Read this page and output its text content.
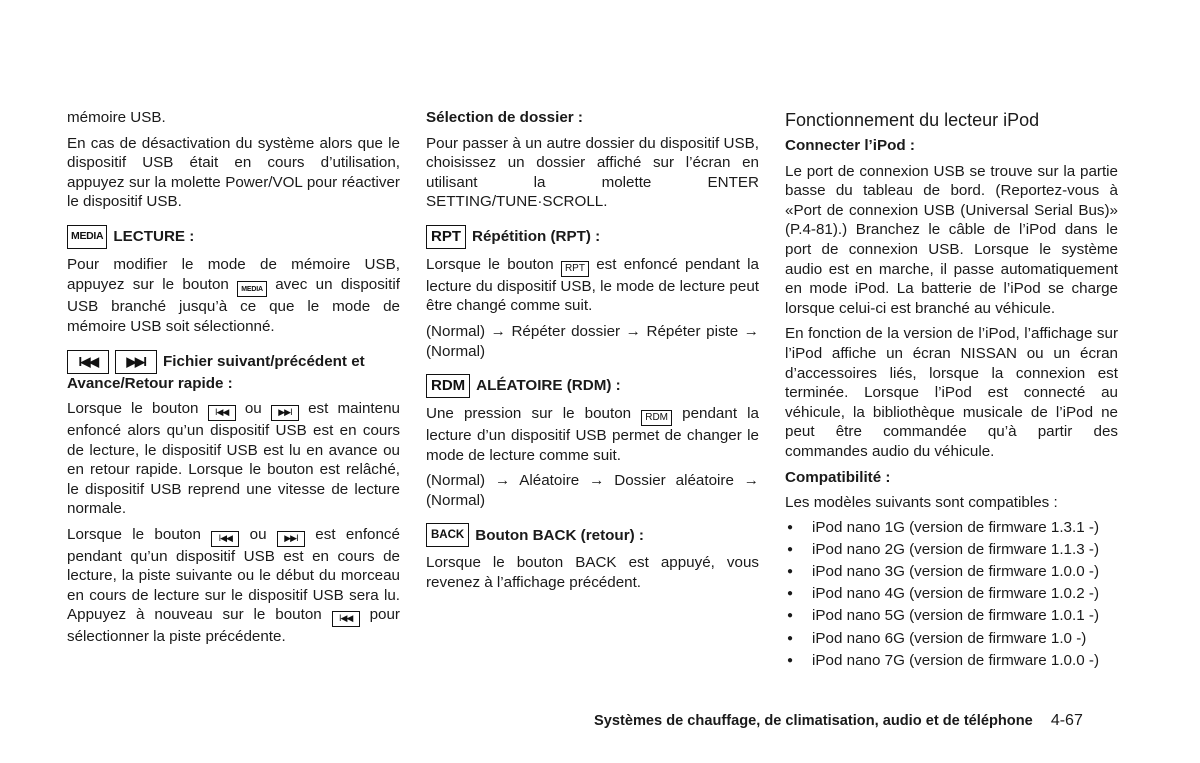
mémoire USB.

En cas de désactivation du système alors que le dispositif USB était en cours d’utilisation, appuyez sur la molette Power/VOL pour réactiver le dispositif USB.

MEDIA LECTURE :

Pour modifier le mode de mémoire USB, appuyez sur le bouton MEDIA avec un dispositif USB branché jusqu’à ce que le mode de mémoire USB soit sélectionné.

I◀◀	▶▶I	Fichier suivant/précédent et
Avance/Retour rapide :

Lorsque le bouton I◀◀ ou ▶▶I est maintenu enfoncé alors qu’un dispositif USB est en cours de lecture, le dispositif USB est lu en avance ou en retour rapide. Lorsque le bouton est relâché, le dispositif USB reprend une vitesse de lecture normale.

Lorsque le bouton I◀◀ ou ▶▶I est enfoncé pendant qu’un dispositif USB est en cours de lecture, la piste suivante ou le début du morceau en cours de lecture sur le dispositif USB sera lu. Appuyez à nouveau sur le bouton I◀◀ pour sélectionner la piste précédente.

Sélection de dossier :

Pour passer à un autre dossier du dispositif USB, choisissez un dossier affiché sur l’écran en utilisant la molette ENTER SETTING/TUNE·SCROLL.

RPT Répétition (RPT) :

Lorsque le bouton RPT est enfoncé pendant la lecture du dispositif USB, le mode de lecture peut être changé comme suit.

(Normal) → Répéter dossier → Répéter piste → (Normal)

RDM ALÉATOIRE (RDM) :

Une pression sur le bouton RDM pendant la lecture d’un dispositif USB permet de changer le mode de lecture comme suit.

(Normal) → Aléatoire → Dossier aléatoire → (Normal)

BACK Bouton BACK (retour) :

Lorsque le bouton BACK est appuyé, vous revenez à l’affichage précédent.

Fonctionnement du lecteur iPod
Connecter l’iPod :

Le port de connexion USB se trouve sur la partie basse du tableau de bord. (Reportez-vous à «Port de connexion USB (Universal Serial Bus)» (P.4-81).) Branchez le câble de l’iPod dans le port de connexion USB. Lorsque le système audio est en marche, il passe automatiquement en mode iPod. La batterie de l’iPod se charge lorsque celui-ci est branché au véhicule.

En fonction de la version de l’iPod, l’affichage sur l’iPod affiche un écran NISSAN ou un écran d’accessoires liés, lorsque la connexion est terminée. Lorsque l’iPod est connecté au véhicule, la bibliothèque musicale de l’iPod ne peut être commandée qu’à partir des commandes audio du véhicule.

Compatibilité :

Les modèles suivants sont compatibles :

● iPod nano 1G (version de firmware 1.3.1 -)
● iPod nano 2G (version de firmware 1.1.3 -)
● iPod nano 3G (version de firmware 1.0.0 -)
● iPod nano 4G (version de firmware 1.0.2 -)
● iPod nano 5G (version de firmware 1.0.1 -)
● iPod nano 6G (version de firmware 1.0 -)
● iPod nano 7G (version de firmware 1.0.0 -)
Systèmes de chauffage, de climatisation, audio et de téléphone 4-67
